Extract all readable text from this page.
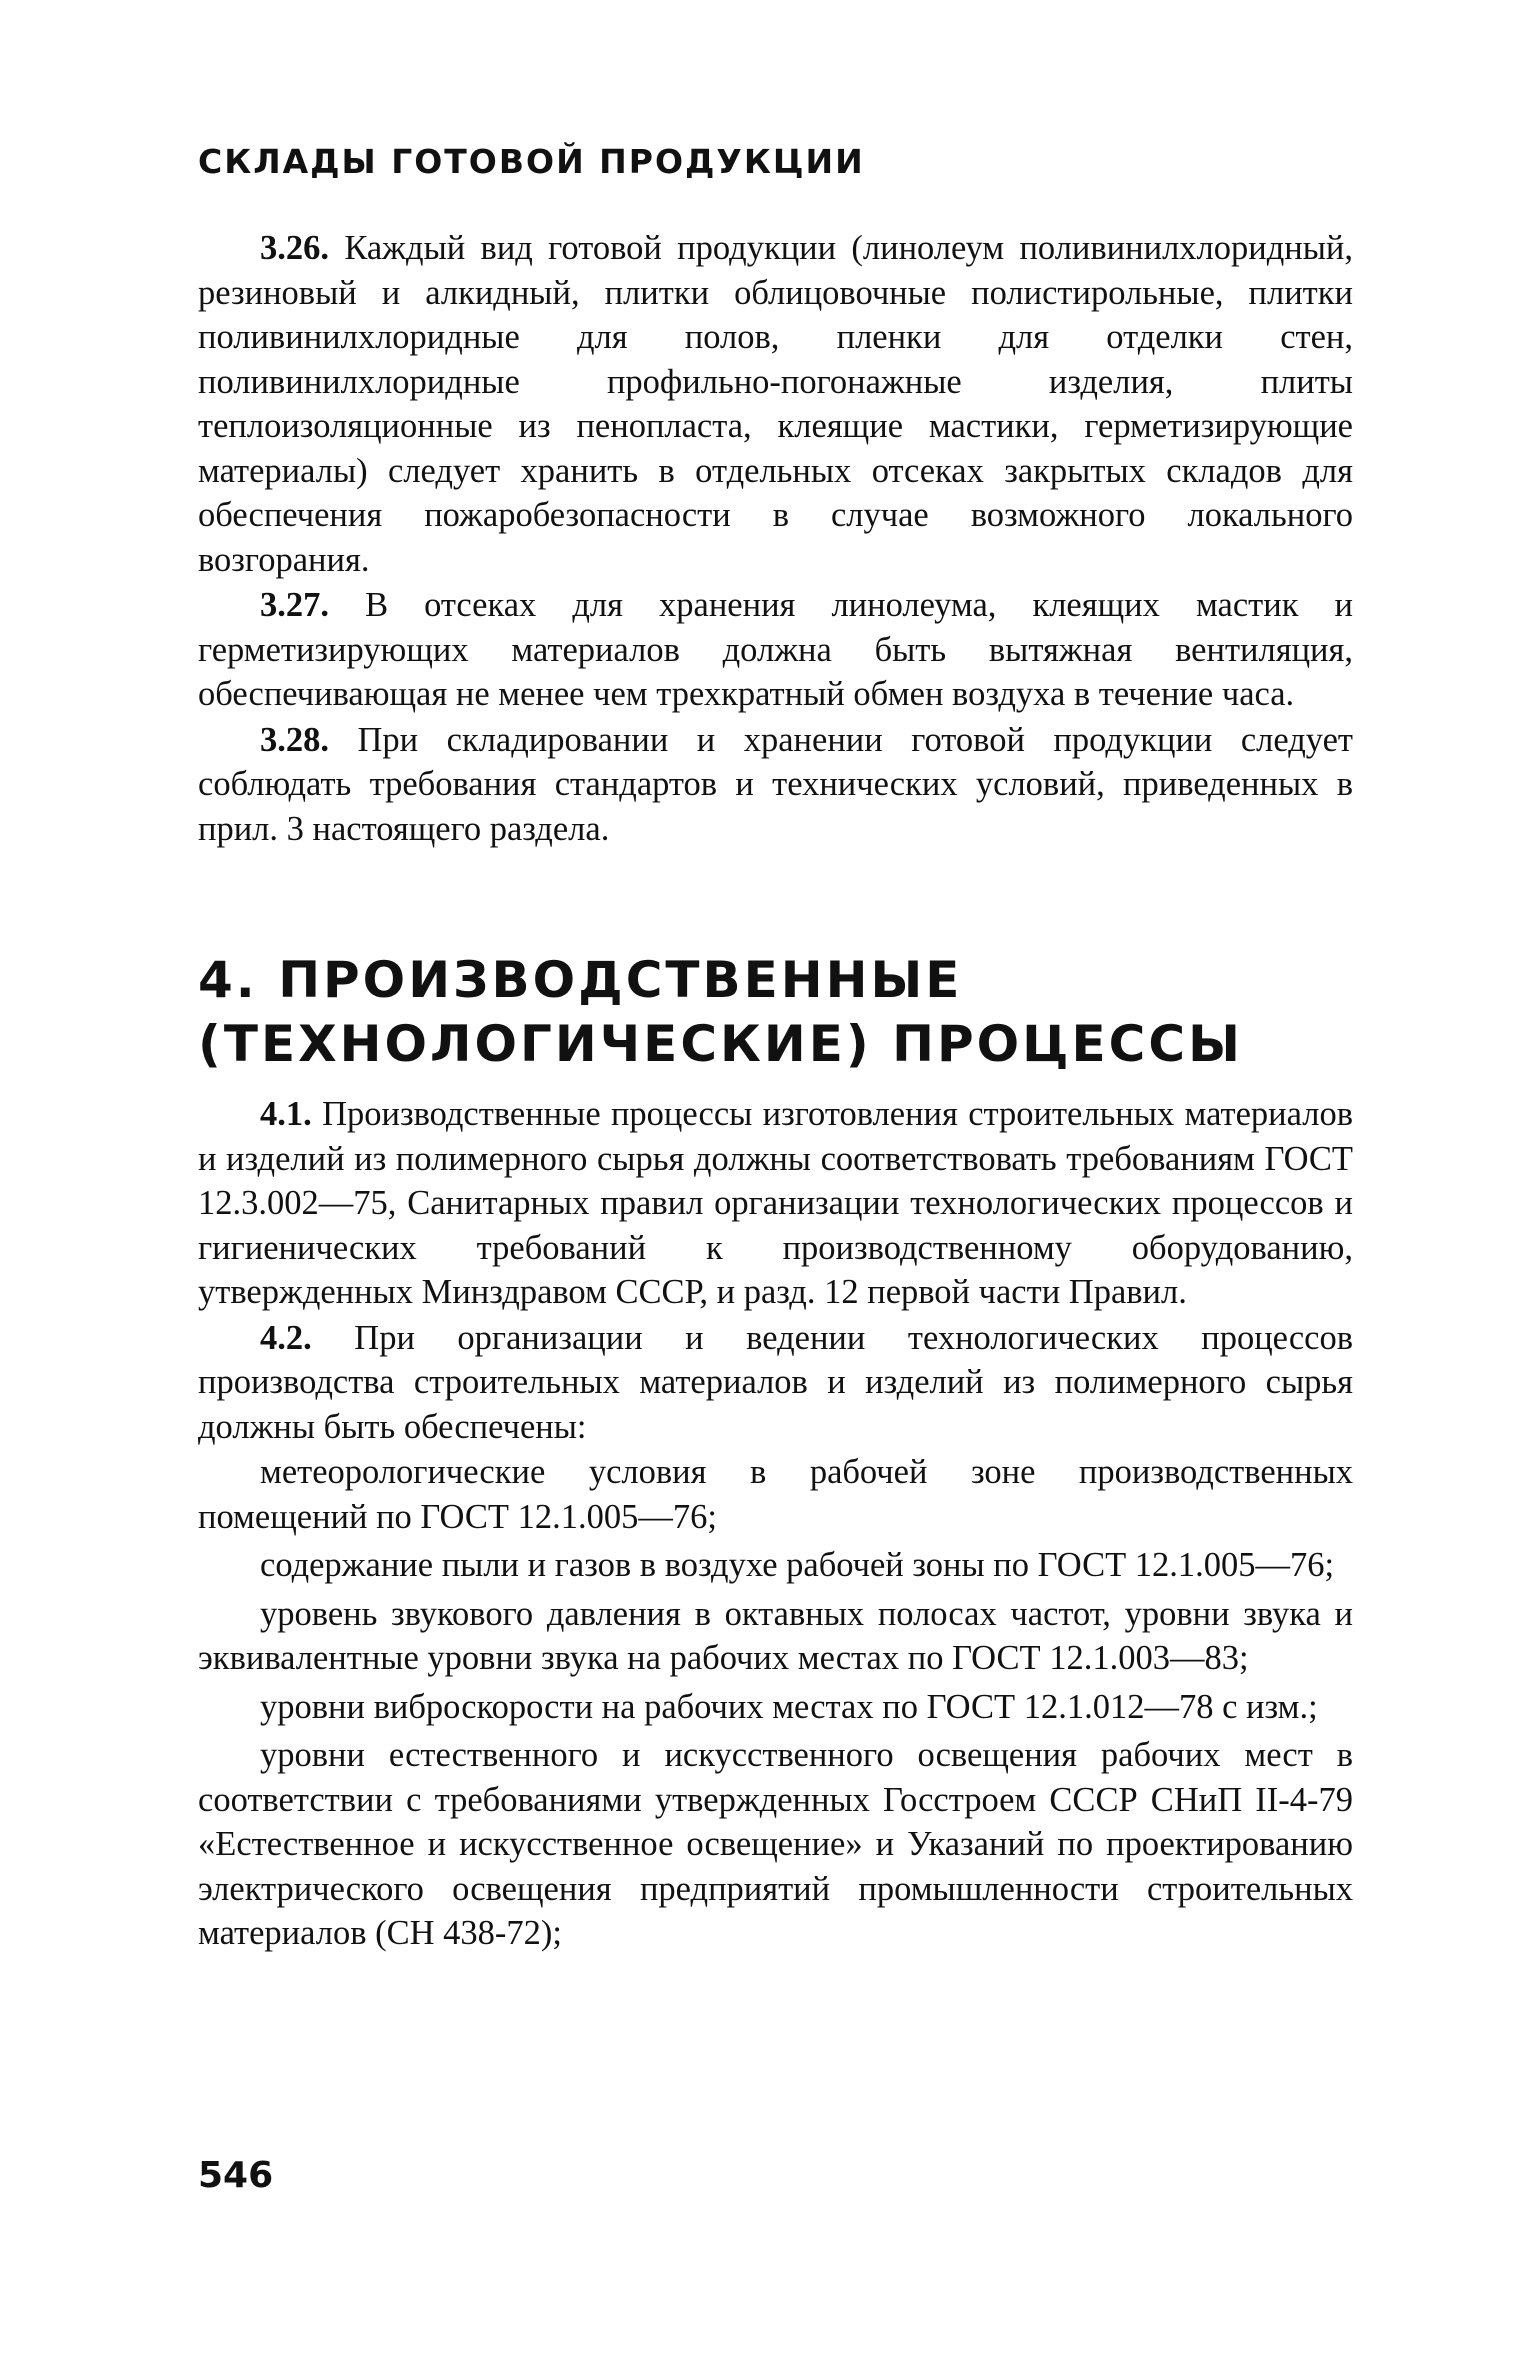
СКЛАДЫ ГОТОВОЙ ПРОДУКЦИИ

3.26. Каждый вид готовой продукции (линолеум поливинилхлоридный, резиновый и алкидный, плитки облицовочные полистирольные, плитки поливинилхлоридные для полов, пленки для отделки стен, поливинилхлоридные профильно-погонажные изделия, плиты теплоизоляционные из пенопласта, клеящие мастики, герметизирующие материалы) следует хранить в отдельных отсеках закрытых складов для обеспечения пожаробезопасности в случае возможного локального возгорания.

3.27. В отсеках для хранения линолеума, клеящих мастик и герметизирующих материалов должна быть вытяжная вентиляция, обеспечивающая не менее чем трехкратный обмен воздуха в течение часа.

3.28. При складировании и хранении готовой продукции следует соблюдать требования стандартов и технических условий, приведенных в прил. 3 настоящего раздела.

4. ПРОИЗВОДСТВЕННЫЕ
(ТЕХНОЛОГИЧЕСКИЕ) ПРОЦЕССЫ

4.1. Производственные процессы изготовления строительных материалов и изделий из полимерного сырья должны соответствовать требованиям ГОСТ 12.3.002—75, Санитарных правил организации технологических процессов и гигиенических требований к производственному оборудованию, утвержденных Минздравом СССР, и разд. 12 первой части Правил.

4.2. При организации и ведении технологических процессов производства строительных материалов и изделий из полимерного сырья должны быть обеспечены:

метеорологические условия в рабочей зоне производственных помещений по ГОСТ 12.1.005—76;

содержание пыли и газов в воздухе рабочей зоны по ГОСТ 12.1.005—76;

уровень звукового давления в октавных полосах частот, уровни звука и эквивалентные уровни звука на рабочих местах по ГОСТ 12.1.003—83;

уровни виброскорости на рабочих местах по ГОСТ 12.1.012—78 с изм.;

уровни естественного и искусственного освещения рабочих мест в соответствии с требованиями утвержденных Госстроем СССР СНиП II-4-79 «Естественное и искусственное освещение» и Указаний по проектированию электрического освещения предприятий промышленности строительных материалов (СН 438-72);

546
